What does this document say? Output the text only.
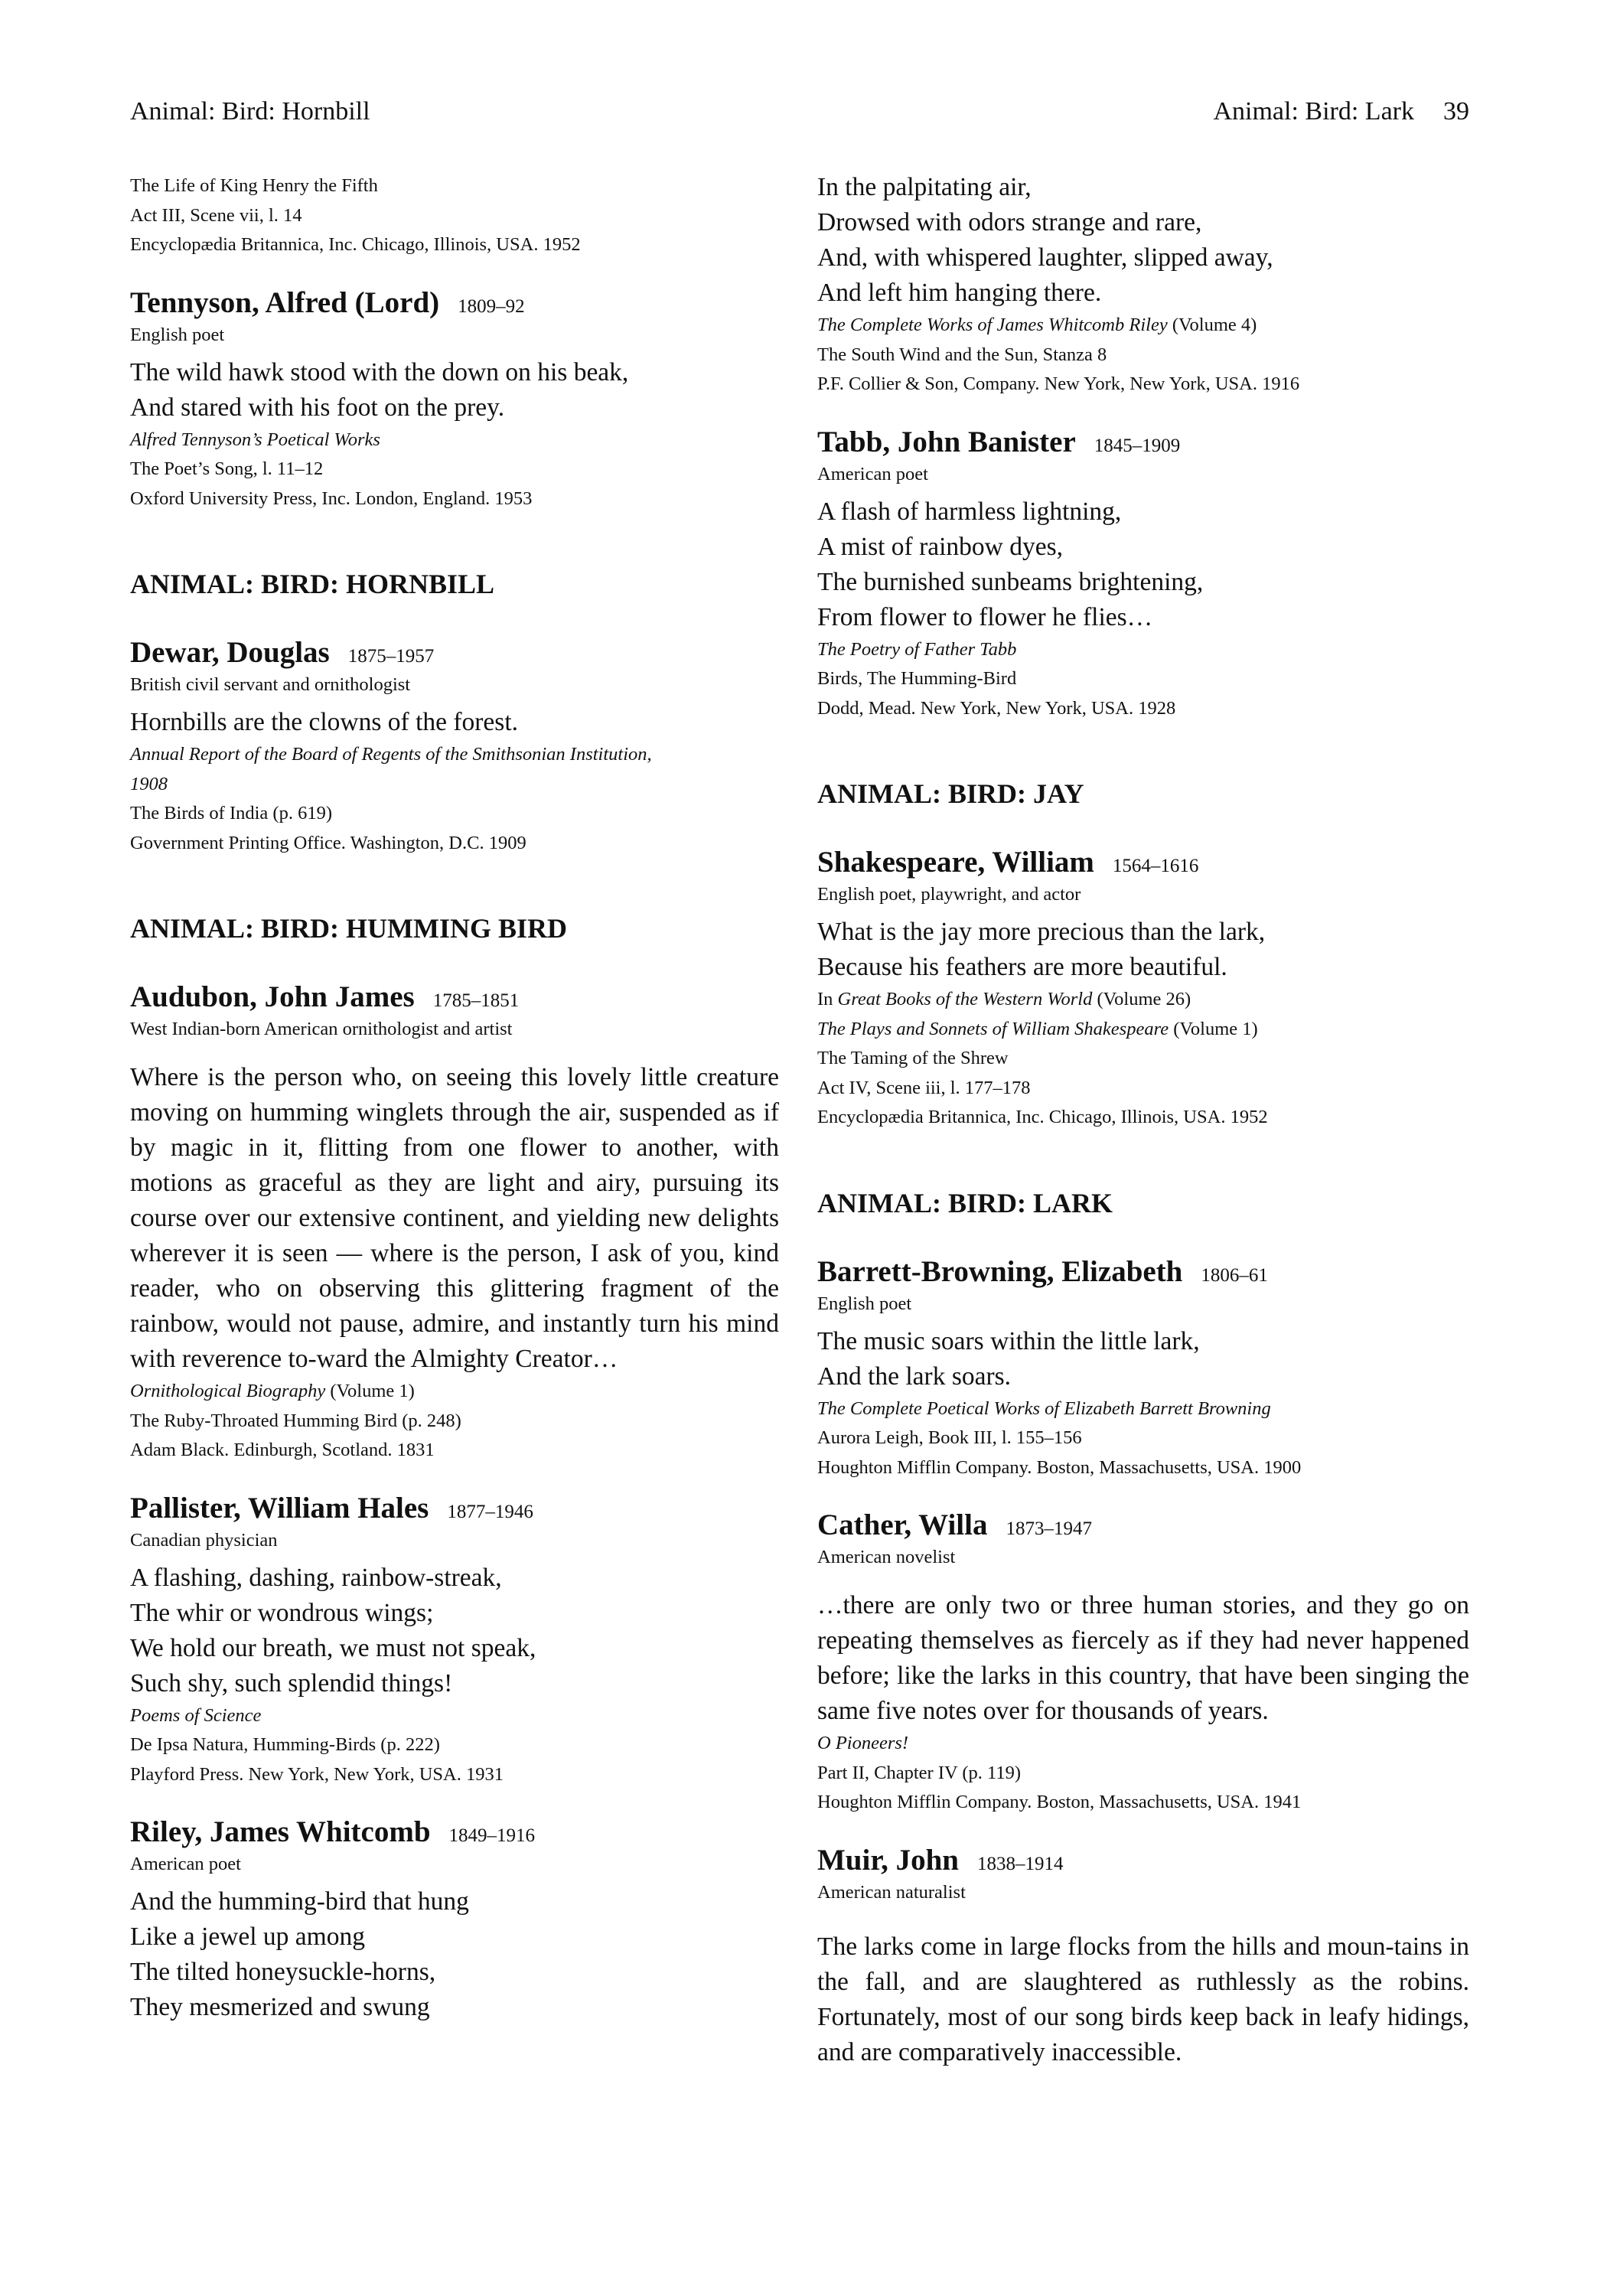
Animal: Bird: Hornbill	Animal: Bird: Lark 39
The Life of King Henry the Fifth
Act III, Scene vii, l. 14
Encyclopædia Britannica, Inc. Chicago, Illinois, USA. 1952
Tennyson, Alfred (Lord) 1809–92
English poet
The wild hawk stood with the down on his beak,
And stared with his foot on the prey.
Alfred Tennyson’s Poetical Works
The Poet’s Song, l. 11–12
Oxford University Press, Inc. London, England. 1953
ANIMAL: BIRD: HORNBILL
Dewar, Douglas 1875–1957
British civil servant and ornithologist
Hornbills are the clowns of the forest.
Annual Report of the Board of Regents of the Smithsonian Institution,
1908
The Birds of India (p. 619)
Government Printing Office. Washington, D.C. 1909
ANIMAL: BIRD: HUMMING BIRD
Audubon, John James 1785–1851
West Indian-born American ornithologist and artist
Where is the person who, on seeing this lovely little creature moving on humming winglets through the air, suspended as if by magic in it, flitting from one flower to another, with motions as graceful as they are light and airy, pursuing its course over our extensive continent, and yielding new delights wherever it is seen — where is the person, I ask of you, kind reader, who on observing this glittering fragment of the rainbow, would not pause, admire, and instantly turn his mind with reverence to-ward the Almighty Creator…
Ornithological Biography (Volume 1)
The Ruby-Throated Humming Bird (p. 248)
Adam Black. Edinburgh, Scotland. 1831
Pallister, William Hales 1877–1946
Canadian physician
A flashing, dashing, rainbow-streak,
The whir or wondrous wings;
We hold our breath, we must not speak,
Such shy, such splendid things!
Poems of Science
De Ipsa Natura, Humming-Birds (p. 222)
Playford Press. New York, New York, USA. 1931
Riley, James Whitcomb 1849–1916
American poet
And the humming-bird that hung
Like a jewel up among
The tilted honeysuckle-horns,
They mesmerized and swung
In the palpitating air,
Drowsed with odors strange and rare,
And, with whispered laughter, slipped away,
And left him hanging there.
The Complete Works of James Whitcomb Riley (Volume 4)
The South Wind and the Sun, Stanza 8
P.F. Collier & Son, Company. New York, New York, USA. 1916
Tabb, John Banister 1845–1909
American poet
A flash of harmless lightning,
A mist of rainbow dyes,
The burnished sunbeams brightening,
From flower to flower he flies…
The Poetry of Father Tabb
Birds, The Humming-Bird
Dodd, Mead. New York, New York, USA. 1928
ANIMAL: BIRD: JAY
Shakespeare, William 1564–1616
English poet, playwright, and actor
What is the jay more precious than the lark,
Because his feathers are more beautiful.
In Great Books of the Western World (Volume 26)
The Plays and Sonnets of William Shakespeare (Volume 1)
The Taming of the Shrew
Act IV, Scene iii, l. 177–178
Encyclopædia Britannica, Inc. Chicago, Illinois, USA. 1952
ANIMAL: BIRD: LARK
Barrett-Browning, Elizabeth 1806–61
English poet
The music soars within the little lark,
And the lark soars.
The Complete Poetical Works of Elizabeth Barrett Browning
Aurora Leigh, Book III, l. 155–156
Houghton Mifflin Company. Boston, Massachusetts, USA. 1900
Cather, Willa 1873–1947
American novelist
…there are only two or three human stories, and they go on repeating themselves as fiercely as if they had never happened before; like the larks in this country, that have been singing the same five notes over for thousands of years.
O Pioneers!
Part II, Chapter IV (p. 119)
Houghton Mifflin Company. Boston, Massachusetts, USA. 1941
Muir, John 1838–1914
American naturalist
The larks come in large flocks from the hills and moun-tains in the fall, and are slaughtered as ruthlessly as the robins. Fortunately, most of our song birds keep back in leafy hidings, and are comparatively inaccessible.
